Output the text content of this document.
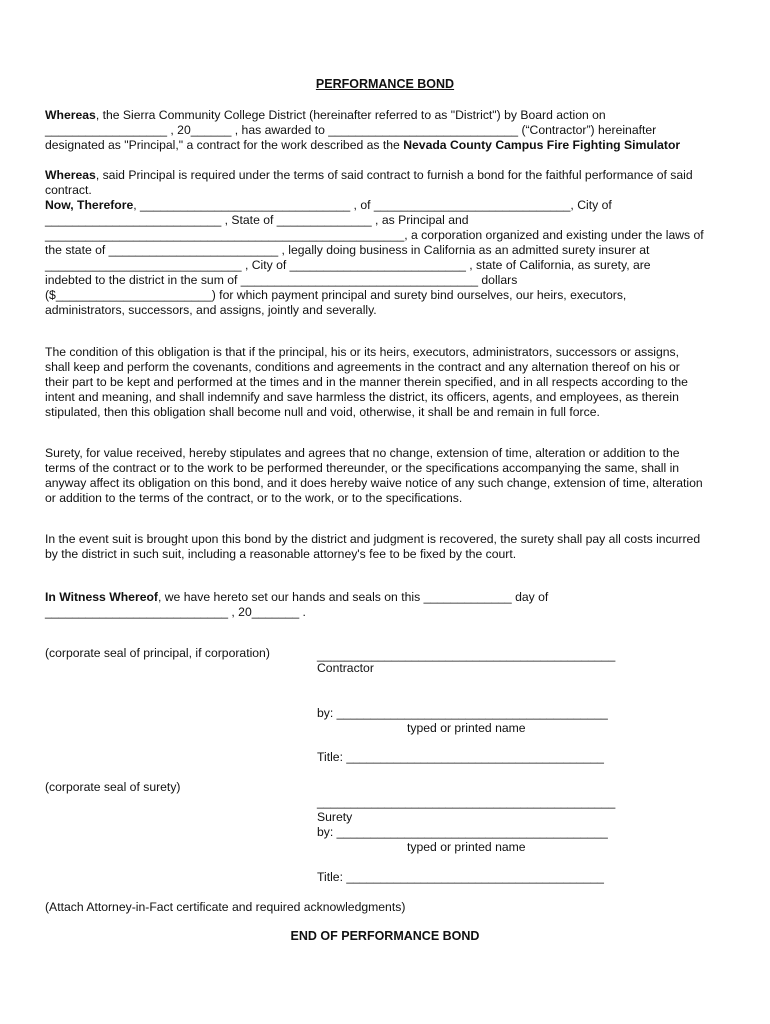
PERFORMANCE BOND
Whereas, the Sierra Community College District (hereinafter referred to as "District") by Board action on
__________________ , 20______ , has awarded to ____________________________ (“Contractor”) hereinafter
designated as "Principal," a contract for the work described as the Nevada County Campus Fire Fighting Simulator
Whereas, said Principal is required under the terms of said contract to furnish a bond for the faithful performance of said
contract.
Now, Therefore, _______________________________ , of _____________________________, City of
__________________________ , State of ______________ , as Principal and
_____________________________________________________, a corporation organized and existing under the laws of
the state of _________________________ , legally doing business in California as an admitted surety insurer at
_____________________________ , City of __________________________ , state of California, as surety, are
indebted to the district in the sum of ___________________________________ dollars
($_______________________) for which payment principal and surety bind ourselves, our heirs, executors,
administrators, successors, and assigns, jointly and severally.
The condition of this obligation is that if the principal, his or its heirs, executors, administrators, successors or assigns,
shall keep and perform the covenants, conditions and agreements in the contract and any alternation thereof on his or
their part to be kept and performed at the times and in the manner therein specified, and in all respects according to the
intent and meaning, and shall indemnify and save harmless the district, its officers, agents, and employees, as therein
stipulated, then this obligation shall become null and void, otherwise, it shall be and remain in full force.
Surety, for value received, hereby stipulates and agrees that no change, extension of time, alteration or addition to the
terms of the contract or to the work to be performed thereunder, or the specifications accompanying the same, shall in
anyway affect its obligation on this bond, and it does hereby waive notice of any such change, extension of time, alteration
or addition to the terms of the contract, or to the work, or to the specifications.
In the event suit is brought upon this bond by the district and judgment is recovered, the surety shall pay all costs incurred
by the district in such suit, including a reasonable attorney's fee to be fixed by the court.
In Witness Whereof, we have hereto set our hands and seals on this _____________ day of
___________________________ , 20_______ .
(corporate seal of principal, if corporation)	____________________________________________
Contractor
by: ________________________________________
typed or printed name
Title: ______________________________________
(corporate seal of surety)
____________________________________________
Surety
by: ________________________________________
typed or printed name
Title: ______________________________________
(Attach Attorney-in-Fact certificate and required acknowledgments)
END OF PERFORMANCE BOND
